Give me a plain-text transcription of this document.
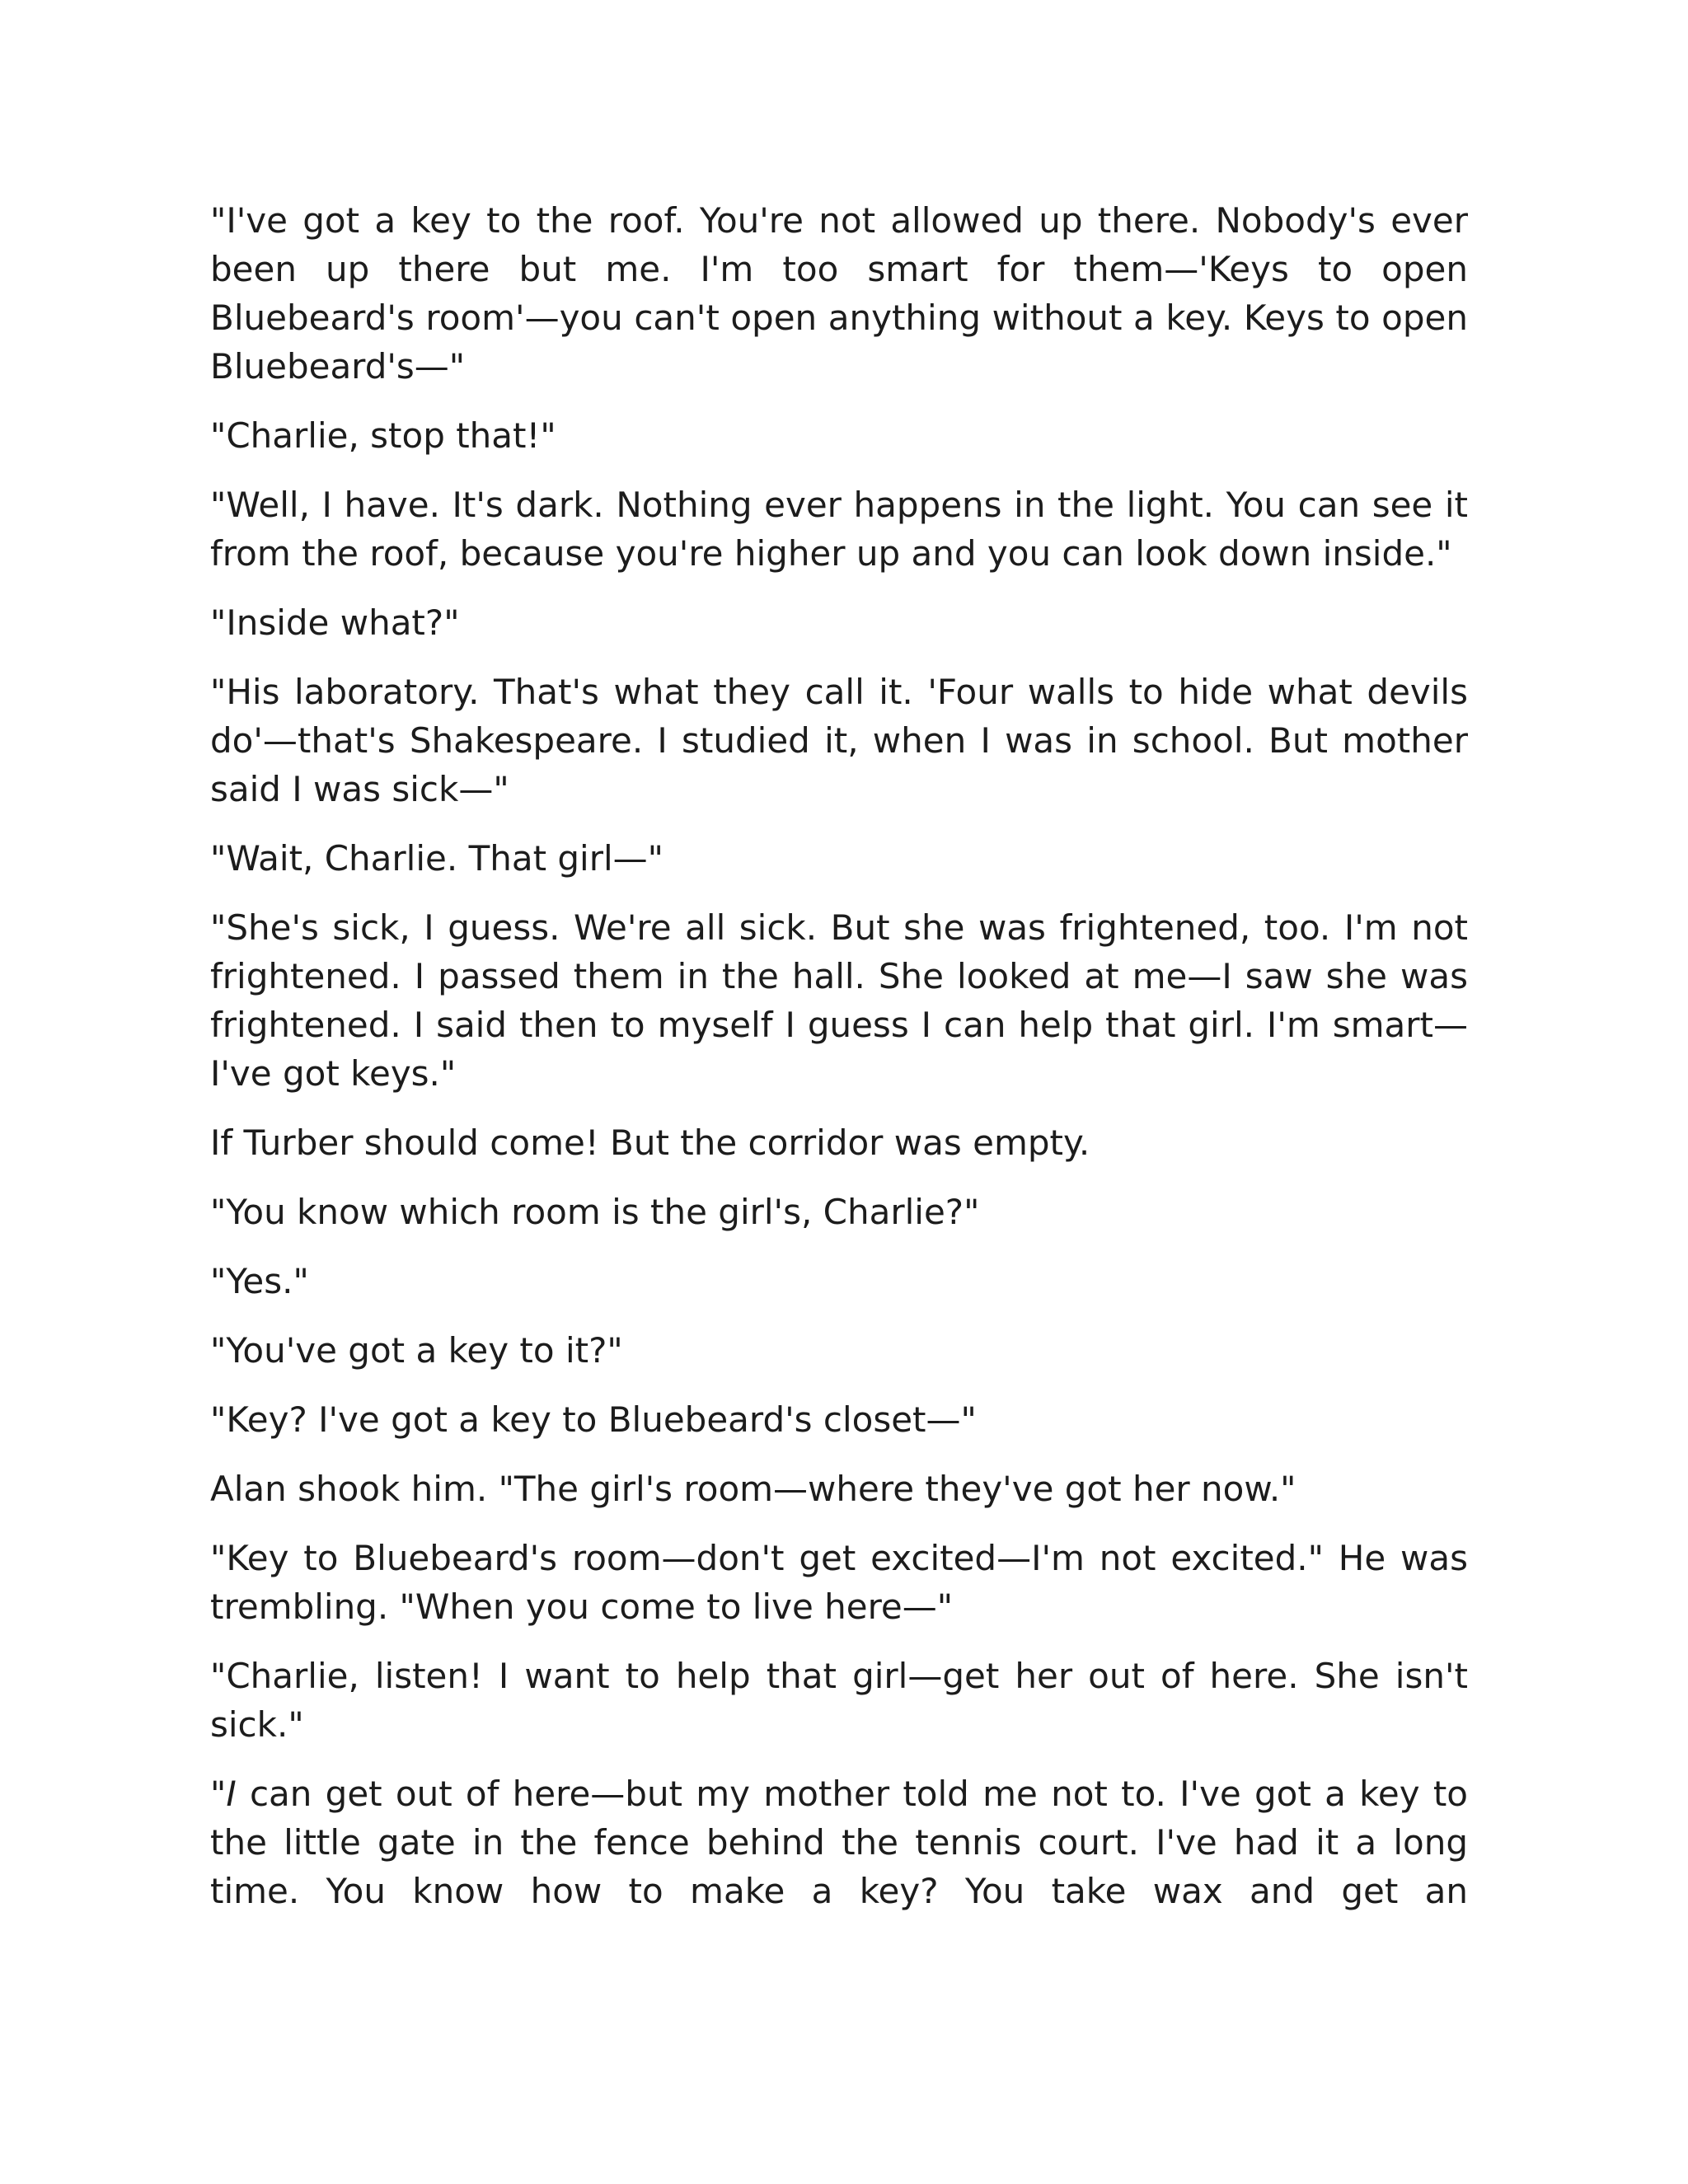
"I've got a key to the roof. You're not allowed up there. Nobody's ever been up there but me. I'm too smart for them—'Keys to open Bluebeard's room'—you can't open anything without a key. Keys to open Bluebeard's—"

"Charlie, stop that!"

"Well, I have. It's dark. Nothing ever happens in the light. You can see it from the roof, because you're higher up and you can look down inside."

"Inside what?"

"His laboratory. That's what they call it. 'Four walls to hide what devils do'—that's Shakespeare. I studied it, when I was in school. But mother said I was sick—"

"Wait, Charlie. That girl—"

"She's sick, I guess. We're all sick. But she was frightened, too. I'm not frightened. I passed them in the hall. She looked at me—I saw she was frightened. I said then to myself I guess I can help that girl. I'm smart—I've got keys."

If Turber should come! But the corridor was empty.

"You know which room is the girl's, Charlie?"

"Yes."

"You've got a key to it?"

"Key? I've got a key to Bluebeard's closet—"

Alan shook him. "The girl's room—where they've got her now."

"Key to Bluebeard's room—don't get excited—I'm not excited." He was trembling. "When you come to live here—"

"Charlie, listen! I want to help that girl—get her out of here. She isn't sick."

"I can get out of here—but my mother told me not to. I've got a key to the little gate in the fence behind the tennis court. I've had it a long time. You know how to make a key? You take wax and get an
